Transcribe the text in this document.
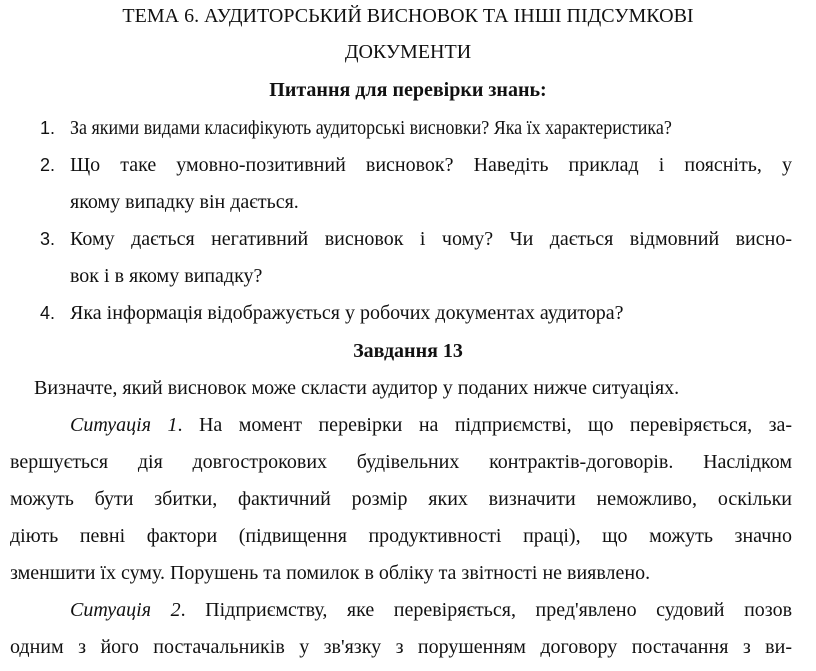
ТЕМА 6. АУДИТОРСЬКИЙ ВИСНОВОК ТА ІНШІ ПІДСУМКОВІ
ДОКУМЕНТИ
Питання для перевірки знань:
1. За якими видами класифікують аудиторські висновки? Яка їх характеристика?
2. Що таке умовно-позитивний висновок? Наведіть приклад і поясніть, у
якому випадку він дається.
3. Кому дається негативний висновок і чому? Чи дається відмовний висно-
вок і в якому випадку?
4. Яка інформація відображується у робочих документах аудитора?
Завдання 13
Визначте, який висновок може скласти аудитор у поданих нижче ситуаціях.
Ситуація 1. На момент перевірки на підприємстві, що перевіряється, за-
вершується дія довгострокових будівельних контрактів-договорів. Наслідком
можуть бути збитки, фактичний розмір яких визначити неможливо, оскільки
діють певні фактори (підвищення продуктивності праці), що можуть значно
зменшити їх суму. Порушень та помилок в обліку та звітності не виявлено.
Ситуація 2. Підприємству, яке перевіряється, пред'явлено судовий позов
одним з його постачальників у зв'язку з порушенням договору постачання з ви-
